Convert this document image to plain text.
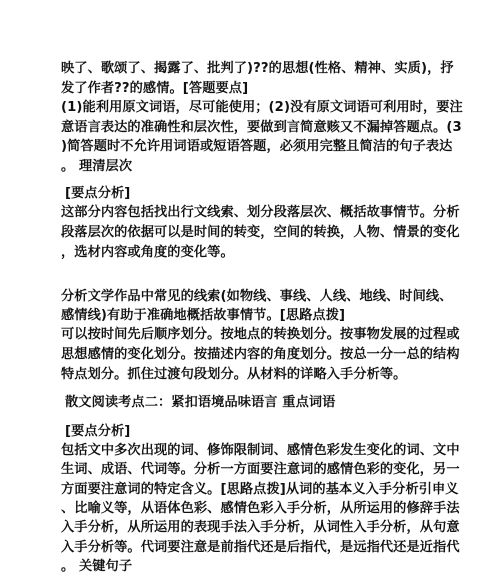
映了、歌颂了、揭露了、批判了)??的思想(性格、精神、实质)，抒
发了作者??的感情。[答题要点]
(1)能利用原文词语，尽可能使用；(2)没有原文词语可利用时，要注
意语言表达的准确性和层次性，要做到言简意赅又不漏掉答题点。(3
)简答题时不允许用词语或短语答题，必须用完整且简洁的句子表达
。 理清层次
[要点分析]
这部分内容包括找出行文线索、划分段落层次、概括故事情节。分析
段落层次的依据可以是时间的转变，空间的转换，人物、情景的变化
，选材内容或角度的变化等。
分析文学作品中常见的线索(如物线、事线、人线、地线、时间线、
感情线)有助于准确地概括故事情节。[思路点拨]
可以按时间先后顺序划分。按地点的转换划分。按事物发展的过程或
思想感情的变化划分。按描述内容的角度划分。按总一分一总的结构
特点划分。抓住过渡句段划分。从材料的详略入手分析等。
散文阅读考点二：紧扣语境品味语言 重点词语
[要点分析]
包括文中多次出现的词、修饰限制词、感情色彩发生变化的词、文中
生词、成语、代词等。分析一方面要注意词的感情色彩的变化，另一
方面要注意词的特定含义。[思路点拨]从词的基本义入手分析引申义
、比喻义等，从语体色彩、感情色彩入手分析，从所运用的修辞手法
入手分析，从所运用的表现手法入手分析，从词性入手分析，从句意
入手分析等。代词要注意是前指代还是后指代，是远指代还是近指代
。 关键句子
